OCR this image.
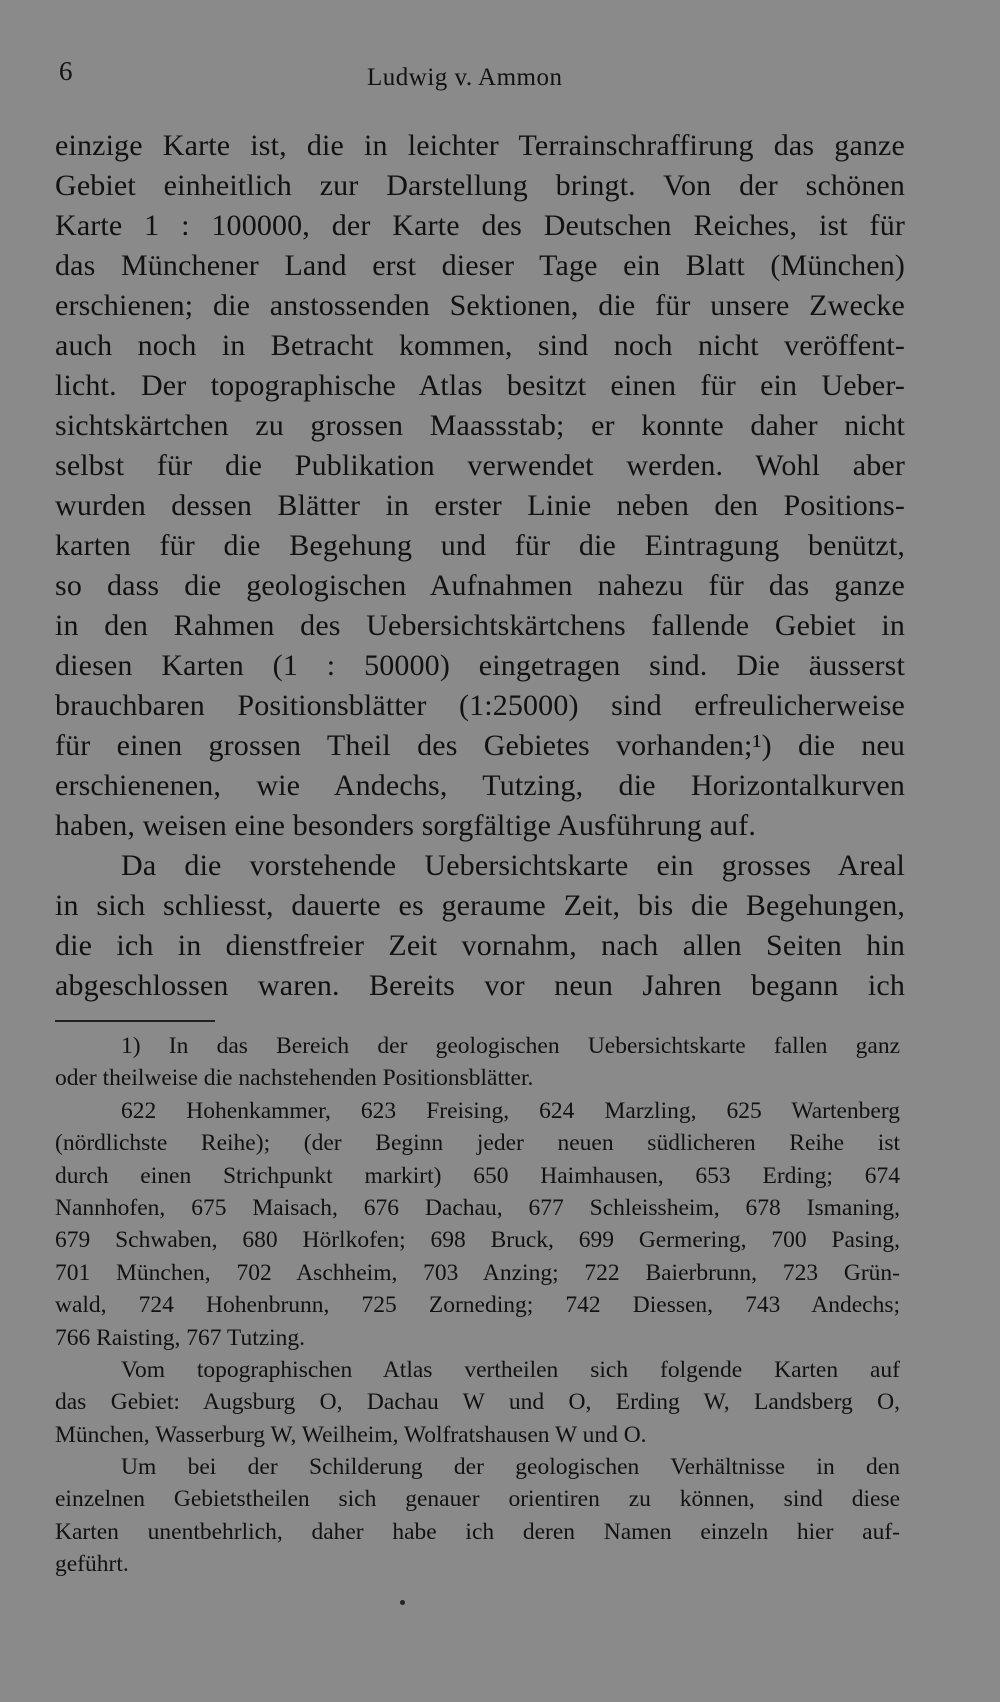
6	Ludwig v. Ammon
einzige Karte ist, die in leichter Terrainschraffirung das ganze
Gebiet einheitlich zur Darstellung bringt. Von der schönen
Karte 1 : 100000, der Karte des Deutschen Reiches, ist für
das Münchener Land erst dieser Tage ein Blatt (München)
erschienen; die anstossenden Sektionen, die für unsere Zwecke
auch noch in Betracht kommen, sind noch nicht veröffent-
licht. Der topographische Atlas besitzt einen für ein Ueber-
sichtskärtchen zu grossen Maassstab; er konnte daher nicht
selbst für die Publikation verwendet werden. Wohl aber
wurden dessen Blätter in erster Linie neben den Positions-
karten für die Begehung und für die Eintragung benützt,
so dass die geologischen Aufnahmen nahezu für das ganze
in den Rahmen des Uebersichtskärtchens fallende Gebiet in
diesen Karten (1 : 50000) eingetragen sind. Die äusserst
brauchbaren Positionsblätter (1:25000) sind erfreulicherweise
für einen grossen Theil des Gebietes vorhanden;¹) die neu
erschienenen, wie Andechs, Tutzing, die Horizontalkurven
haben, weisen eine besonders sorgfältige Ausführung auf.
Da die vorstehende Uebersichtskarte ein grosses Areal
in sich schliesst, dauerte es geraume Zeit, bis die Begehungen,
die ich in dienstfreier Zeit vornahm, nach allen Seiten hin
abgeschlossen waren. Bereits vor neun Jahren begann ich
1) In das Bereich der geologischen Uebersichtskarte fallen ganz
oder theilweise die nachstehenden Positionsblätter.
622 Hohenkammer, 623 Freising, 624 Marzling, 625 Wartenberg
(nördlichste Reihe); (der Beginn jeder neuen südlicheren Reihe ist
durch einen Strichpunkt markirt) 650 Haimhausen, 653 Erding; 674
Nannhofen, 675 Maisach, 676 Dachau, 677 Schleissheim, 678 Ismaning,
679 Schwaben, 680 Hörlkofen; 698 Bruck, 699 Germering, 700 Pasing,
701 München, 702 Aschheim, 703 Anzing; 722 Baierbrunn, 723 Grün-
wald, 724 Hohenbrunn, 725 Zorneding; 742 Diessen, 743 Andechs;
766 Raisting, 767 Tutzing.
Vom topographischen Atlas vertheilen sich folgende Karten auf
das Gebiet: Augsburg O, Dachau W und O, Erding W, Landsberg O,
München, Wasserburg W, Weilheim, Wolfratshausen W und O.
Um bei der Schilderung der geologischen Verhältnisse in den
einzelnen Gebietstheilen sich genauer orientiren zu können, sind diese
Karten unentbehrlich, daher habe ich deren Namen einzeln hier auf-
geführt.
